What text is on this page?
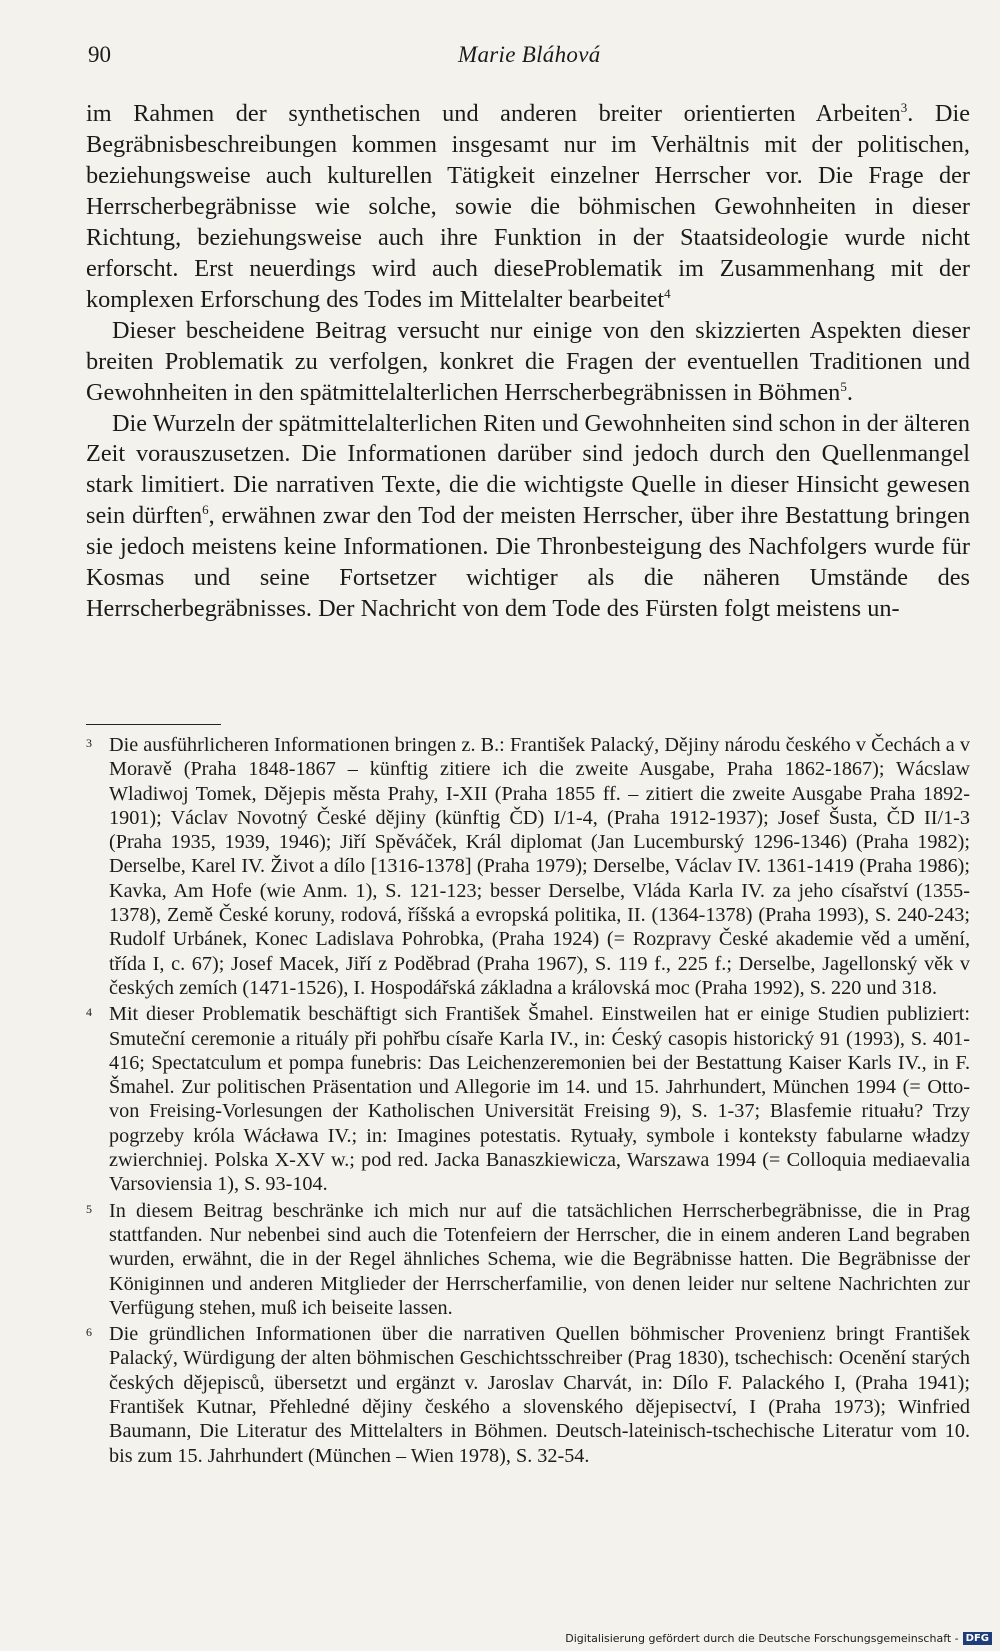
90	Marie Bláhová

im Rahmen der synthetischen und anderen breiter orientierten Arbeiten$^3$. Die Begräbnisbeschreibungen kommen insgesamt nur im Verhältnis mit der politischen, beziehungsweise auch kulturellen Tätigkeit einzelner Herrscher vor. Die Frage der Herrscherbegräbnisse wie solche, sowie die böhmischen Gewohnheiten in dieser Richtung, beziehungsweise auch ihre Funktion in der Staatsideologie wurde nicht erforscht. Erst neuerdings wird auch dieseProblematik im Zusammenhang mit der komplexen Erforschung des Todes im Mittelalter bearbeitet$^4$

Dieser bescheidene Beitrag versucht nur einige von den skizzierten Aspekten dieser breiten Problematik zu verfolgen, konkret die Fragen der eventuellen Traditionen und Gewohnheiten in den spätmittelalterlichen Herrscherbegräbnissen in Böhmen$^5$.

Die Wurzeln der spätmittelalterlichen Riten und Gewohnheiten sind schon in der älteren Zeit vorauszusetzen. Die Informationen darüber sind jedoch durch den Quellenmangel stark limitiert. Die narrativen Texte, die die wichtigste Quelle in dieser Hinsicht gewesen sein dürften$^6$, erwähnen zwar den Tod der meisten Herrscher, über ihre Bestattung bringen sie jedoch meistens keine Informationen. Die Thronbesteigung des Nachfolgers wurde für Kosmas und seine Fortsetzer wichtiger als die näheren Umstände des Herrscherbegräbnisses. Der Nachricht von dem Tode des Fürsten folgt meistens un-

3 Die ausführlicheren Informationen bringen z. B.: František Palacký, Dějiny národu českého v Čechách a v Moravě (Praha 1848-1867 – künftig zitiere ich die zweite Ausgabe, Praha 1862-1867); Wácslaw Wladiwoj Tomek, Dějepis města Prahy, I-XII (Praha 1855 ff. – zitiert die zweite Ausgabe Praha 1892-1901); Václav Novotný České dějiny (künftig ČD) I/1-4, (Praha 1912-1937); Josef Šusta, ČD II/1-3 (Praha 1935, 1939, 1946); Jiří Spěváček, Král diplomat (Jan Lucemburský 1296-1346) (Praha 1982); Derselbe, Karel IV. Život a dílo [1316-1378] (Praha 1979); Derselbe, Václav IV. 1361-1419 (Praha 1986); Kavka, Am Hofe (wie Anm. 1), S. 121-123; besser Derselbe, Vláda Karla IV. za jeho císařství (1355-1378), Země České koruny, rodová, říšská a evropská politika, II. (1364-1378) (Praha 1993), S. 240-243; Rudolf Urbánek, Konec Ladislava Pohrobka, (Praha 1924) (= Rozpravy České akademie věd a umění, třída I, c. 67); Josef Macek, Jiří z Poděbrad (Praha 1967), S. 119 f., 225 f.; Derselbe, Jagellonský věk v českých zemích (1471-1526), I. Hospodářská základna a královská moc (Praha 1992), S. 220 und 318.
4 Mit dieser Problematik beschäftigt sich František Šmahel. Einstweilen hat er einige Studien publiziert: Smuteční ceremonie a rituály při pohřbu císaře Karla IV., in: Ćeský casopis historický 91 (1993), S. 401-416; Spectatculum et pompa funebris: Das Leichenzeremonien bei der Bestattung Kaiser Karls IV., in F. Šmahel. Zur politischen Präsentation und Allegorie im 14. und 15. Jahrhundert, München 1994 (= Otto-von Freising-Vorlesungen der Katholischen Universität Freising 9), S. 1-37; Blasfemie rituału? Trzy pogrzeby króla Wácława IV.; in: Imagines potestatis. Rytuały, symbole i konteksty fabularne władzy zwierchniej. Polska X-XV w.; pod red. Jacka Banaszkiewicza, Warszawa 1994 (= Colloquia mediaevalia Varsoviensia 1), S. 93-104.
5 In diesem Beitrag beschränke ich mich nur auf die tatsächlichen Herrscherbegräbnisse, die in Prag stattfanden. Nur nebenbei sind auch die Totenfeiern der Herrscher, die in einem anderen Land begraben wurden, erwähnt, die in der Regel ähnliches Schema, wie die Begräbnisse hatten. Die Begräbnisse der Königinnen und anderen Mitglieder der Herrscherfamilie, von denen leider nur seltene Nachrichten zur Verfügung stehen, muß ich beiseite lassen.
6 Die gründlichen Informationen über die narrativen Quellen böhmischer Provenienz bringt František Palacký, Würdigung der alten böhmischen Geschichtsschreiber (Prag 1830), tschechisch: Ocenění starých českých dějepisců, übersetzt und ergänzt v. Jaroslav Charvát, in: Dílo F. Palackého I, (Praha 1941); František Kutnar, Přehledné dějiny českého a slovenského dějepisectví, I (Praha 1973); Winfried Baumann, Die Literatur des Mittelalters in Böhmen. Deutsch-lateinisch-tschechische Literatur vom 10. bis zum 15. Jahrhundert (München – Wien 1978), S. 32-54.
Digitalisierung gefördert durch die Deutsche Forschungsgemeinschaft - DFG
